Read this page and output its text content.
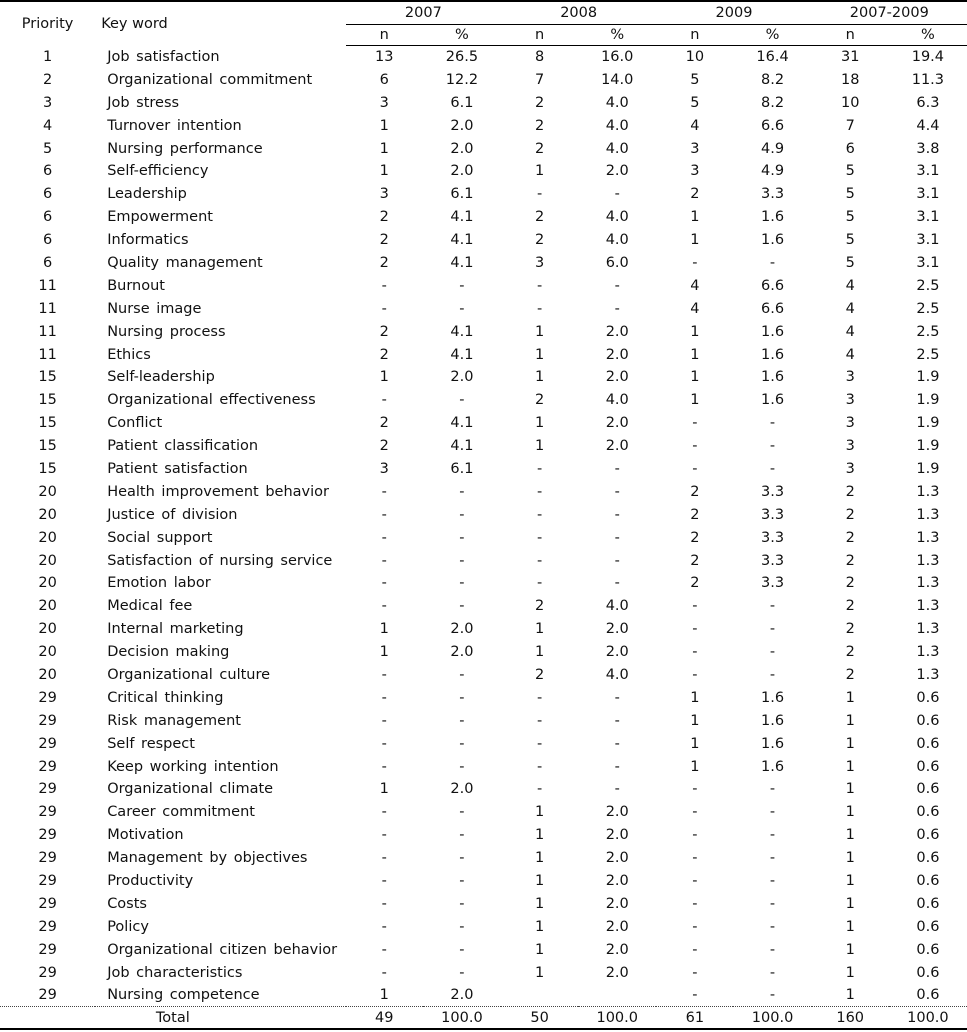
Priority	Key word	2007		2008		2009		2007-2009	
		n	%	n	%	n	%	n	%
1	Job satisfaction	13	26.5	8	16.0	10	16.4	31	19.4
2	Organizational commitment	6	12.2	7	14.0	5	8.2	18	11.3
3	Job stress	3	6.1	2	4.0	5	8.2	10	6.3
4	Turnover intention	1	2.0	2	4.0	4	6.6	7	4.4
5	Nursing performance	1	2.0	2	4.0	3	4.9	6	3.8
6	Self-efficiency	1	2.0	1	2.0	3	4.9	5	3.1
6	Leadership	3	6.1	-	-	2	3.3	5	3.1
6	Empowerment	2	4.1	2	4.0	1	1.6	5	3.1
6	Informatics	2	4.1	2	4.0	1	1.6	5	3.1
6	Quality management	2	4.1	3	6.0	-	-	5	3.1
11	Burnout	-	-	-	-	4	6.6	4	2.5
11	Nurse image	-	-	-	-	4	6.6	4	2.5
11	Nursing process	2	4.1	1	2.0	1	1.6	4	2.5
11	Ethics	2	4.1	1	2.0	1	1.6	4	2.5
15	Self-leadership	1	2.0	1	2.0	1	1.6	3	1.9
15	Organizational effectiveness	-	-	2	4.0	1	1.6	3	1.9
15	Conflict	2	4.1	1	2.0	-	-	3	1.9
15	Patient classification	2	4.1	1	2.0	-	-	3	1.9
15	Patient satisfaction	3	6.1	-	-	-	-	3	1.9
20	Health improvement behavior	-	-	-	-	2	3.3	2	1.3
20	Justice of division	-	-	-	-	2	3.3	2	1.3
20	Social support	-	-	-	-	2	3.3	2	1.3
20	Satisfaction of nursing service	-	-	-	-	2	3.3	2	1.3
20	Emotion labor	-	-	-	-	2	3.3	2	1.3
20	Medical fee	-	-	2	4.0	-	-	2	1.3
20	Internal marketing	1	2.0	1	2.0	-	-	2	1.3
20	Decision making	1	2.0	1	2.0	-	-	2	1.3
20	Organizational culture	-	-	2	4.0	-	-	2	1.3
29	Critical thinking	-	-	-	-	1	1.6	1	0.6
29	Risk management	-	-	-	-	1	1.6	1	0.6
29	Self respect	-	-	-	-	1	1.6	1	0.6
29	Keep working intention	-	-	-	-	1	1.6	1	0.6
29	Organizational climate	1	2.0	-	-	-	-	1	0.6
29	Career commitment	-	-	1	2.0	-	-	1	0.6
29	Motivation	-	-	1	2.0	-	-	1	0.6
29	Management by objectives	-	-	1	2.0	-	-	1	0.6
29	Productivity	-	-	1	2.0	-	-	1	0.6
29	Costs	-	-	1	2.0	-	-	1	0.6
29	Policy	-	-	1	2.0	-	-	1	0.6
29	Organizational citizen behavior	-	-	1	2.0	-	-	1	0.6
29	Job characteristics	-	-	1	2.0	-	-	1	0.6
29	Nursing competence	1	2.0			-	-	1	0.6
Total		49	100.0	50	100.0	61	100.0	160	100.0
